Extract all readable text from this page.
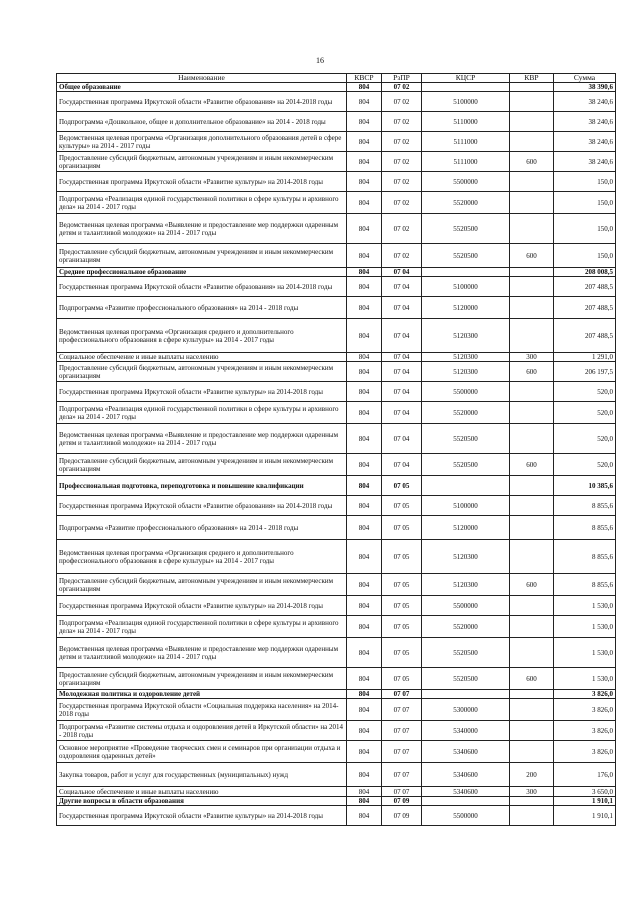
16
Наименование	КВСР	РзПР	КЦСР	КВР	Сумма
Общее образование	804	07 02			38 390,6
Государственная программа Иркутской области «Развитие образования» на 2014-2018 годы	804	07 02	5100000		38 240,6
Подпрограмма «Дошкольное, общее и дополнительное образование» на 2014 - 2018 годы	804	07 02	5110000		38 240,6
Ведомственная целевая программа «Организация дополнительного образования детей в сфере культуры» на 2014 - 2017 годы	804	07 02	5111000		38 240,6
Предоставление субсидий бюджетным, автономным учреждениям и иным некоммерческим организациям	804	07 02	5111000	600	38 240,6
Государственная программа Иркутской области «Развитие культуры» на 2014-2018 годы	804	07 02	5500000		150,0
Подпрограмма «Реализация единой государственной политики в сфере культуры и архивного дела» на 2014 - 2017 годы	804	07 02	5520000		150,0
Ведомственная целевая программа «Выявление и предоставление мер поддержки одаренным детям и талантливой молодежи» на 2014 - 2017 годы	804	07 02	5520500		150,0
Предоставление субсидий бюджетным, автономным учреждениям и иным некоммерческим организациям	804	07 02	5520500	600	150,0
Среднее профессиональное образование	804	07 04			208 008,5
Государственная программа Иркутской области «Развитие образования» на 2014-2018 годы	804	07 04	5100000		207 488,5
Подпрограмма «Развитие профессионального образования» на 2014 - 2018 годы	804	07 04	5120000		207 488,5
Ведомственная целевая программа «Организация среднего и дополнительного профессионального образования в сфере культуры» на 2014 - 2017 годы	804	07 04	5120300		207 488,5
Социальное обеспечение и иные выплаты населению	804	07 04	5120300	300	1 291,0
Предоставление субсидий бюджетным, автономным учреждениям и иным некоммерческим организациям	804	07 04	5120300	600	206 197,5
Государственная программа Иркутской области «Развитие культуры» на 2014-2018 годы	804	07 04	5500000		520,0
Подпрограмма «Реализация единой государственной политики в сфере культуры и архивного дела» на 2014 - 2017 годы	804	07 04	5520000		520,0
Ведомственная целевая программа «Выявление и предоставление мер поддержки одаренным детям и талантливой молодежи» на 2014 - 2017 годы	804	07 04	5520500		520,0
Предоставление субсидий бюджетным, автономным учреждениям и иным некоммерческим организациям	804	07 04	5520500	600	520,0
Профессиональная подготовка, переподготовка и повышение квалификации	804	07 05			10 385,6
Государственная программа Иркутской области «Развитие образования» на 2014-2018 годы	804	07 05	5100000		8 855,6
Подпрограмма «Развитие профессионального образования» на 2014 - 2018 годы	804	07 05	5120000		8 855,6
Ведомственная целевая программа «Организация среднего и дополнительного профессионального образования в сфере культуры» на 2014 - 2017 годы	804	07 05	5120300		8 855,6
Предоставление субсидий бюджетным, автономным учреждениям и иным некоммерческим организациям	804	07 05	5120300	600	8 855,6
Государственная программа Иркутской области «Развитие культуры» на 2014-2018 годы	804	07 05	5500000		1 530,0
Подпрограмма «Реализация единой государственной политики в сфере культуры и архивного дела» на 2014 - 2017 годы	804	07 05	5520000		1 530,0
Ведомственная целевая программа «Выявление и предоставление мер поддержки одаренным детям и талантливой молодежи» на 2014 - 2017 годы	804	07 05	5520500		1 530,0
Предоставление субсидий бюджетным, автономным учреждениям и иным некоммерческим организациям	804	07 05	5520500	600	1 530,0
Молодежная политика и оздоровление детей	804	07 07			3 826,0
Государственная программа Иркутской области «Социальная поддержка населения» на 2014-2018 годы	804	07 07	5300000		3 826,0
Подпрограмма «Развитие системы отдыха и оздоровления детей в Иркутской области» на 2014 - 2018 годы	804	07 07	5340000		3 826,0
Основное мероприятие «Проведение творческих смен и семинаров при организации отдыха и оздоровления одаренных детей»	804	07 07	5340600		3 826,0
Закупка товаров, работ и услуг для государственных (муниципальных) нужд	804	07 07	5340600	200	176,0
Социальное обеспечение и иные выплаты населению	804	07 07	5340600	300	3 650,0
Другие вопросы в области образования	804	07 09			1 910,1
Государственная программа Иркутской области «Развитие культуры» на 2014-2018 годы	804	07 09	5500000		1 910,1
